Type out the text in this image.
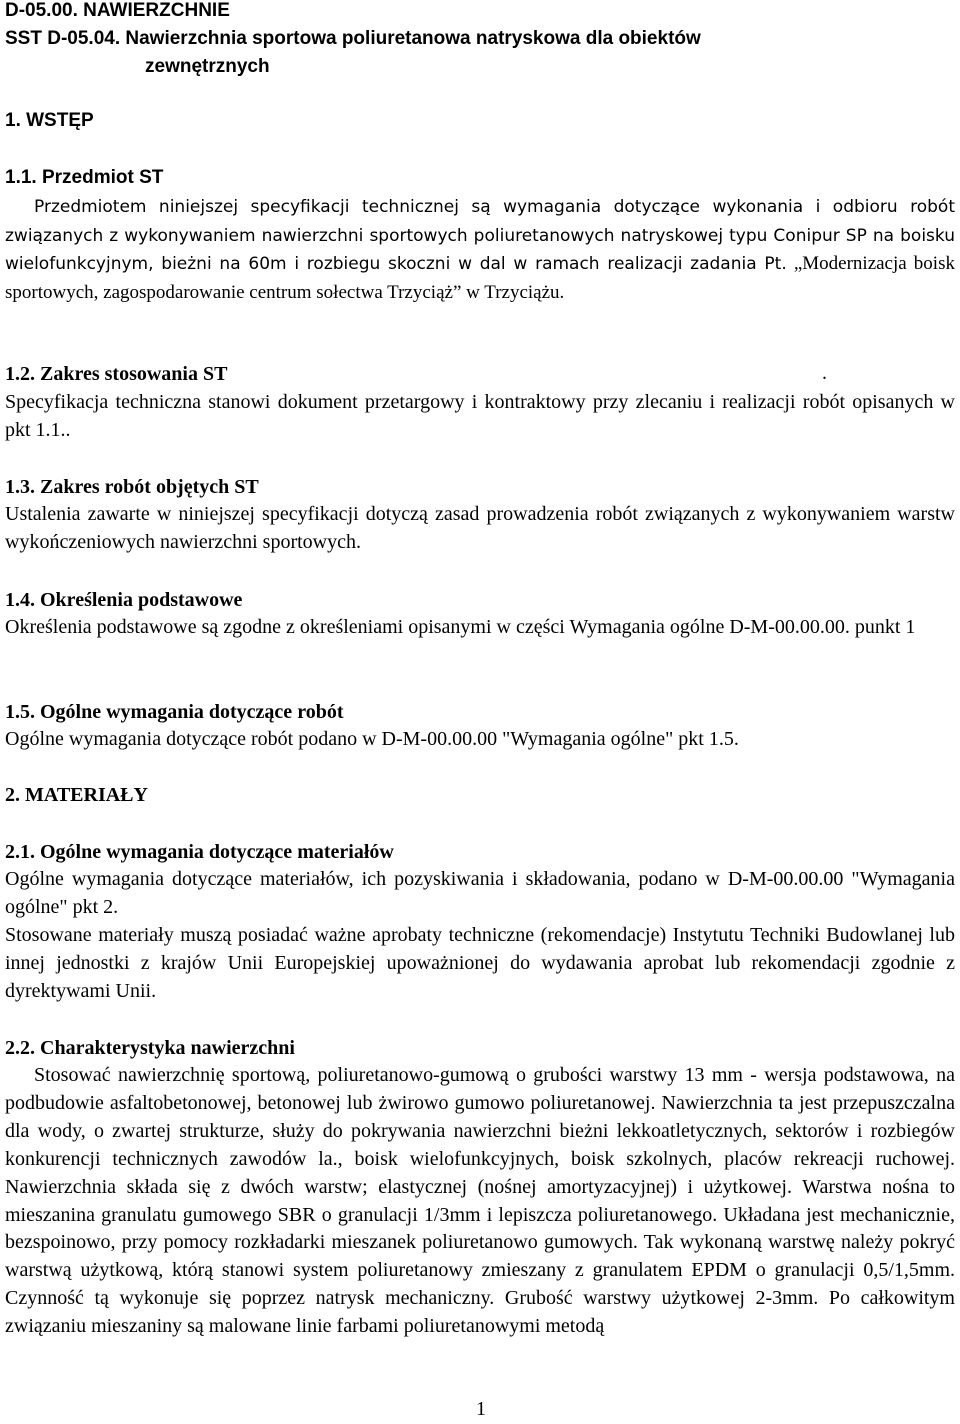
D-05.00. NAWIERZCHNIE
SST D-05.04. Nawierzchnia sportowa poliuretanowa natryskowa dla obiektów
zewnętrznych
1. WSTĘP
1.1. Przedmiot ST
Przedmiotem niniejszej specyfikacji technicznej są wymagania dotyczące wykonania i odbioru robót związanych z wykonywaniem nawierzchni sportowych poliuretanowych natryskowej typu Conipur SP na boisku wielofunkcyjnym, bieżni na 60m i rozbiegu skoczni w dal w ramach realizacji zadania Pt. „Modernizacja boisk sportowych, zagospodarowanie centrum sołectwa Trzyciąż” w Trzyciążu.
1.2. Zakres stosowania ST	.
Specyfikacja techniczna stanowi dokument przetargowy i kontraktowy przy zlecaniu i realizacji robót opisanych w pkt 1.1..
1.3. Zakres robót objętych ST
Ustalenia zawarte w niniejszej specyfikacji dotyczą zasad prowadzenia robót związanych z wykonywaniem warstw wykończeniowych nawierzchni sportowych.
1.4. Określenia podstawowe
Określenia podstawowe są zgodne z określeniami opisanymi w części Wymagania ogólne D-M-00.00.00. punkt 1
1.5. Ogólne wymagania dotyczące robót
Ogólne wymagania dotyczące robót podano w D-M-00.00.00 "Wymagania ogólne" pkt 1.5.
2. MATERIAŁY
2.1. Ogólne wymagania dotyczące materiałów
Ogólne wymagania dotyczące materiałów, ich pozyskiwania i składowania, podano w D-M-00.00.00 "Wymagania ogólne" pkt 2.
Stosowane materiały muszą posiadać ważne aprobaty techniczne (rekomendacje) Instytutu Techniki Budowlanej lub innej jednostki z krajów Unii Europejskiej upoważnionej do wydawania aprobat lub rekomendacji zgodnie z dyrektywami Unii.
2.2. Charakterystyka nawierzchni
Stosować nawierzchnię sportową, poliuretanowo-gumową o grubości warstwy 13 mm - wersja podstawowa, na podbudowie asfaltobetonowej, betonowej lub żwirowo gumowo poliuretanowej. Nawierzchnia ta jest przepuszczalna dla wody, o zwartej strukturze, służy do pokrywania nawierzchni bieżni lekkoatletycznych, sektorów i rozbiegów konkurencji technicznych zawodów la., boisk wielofunkcyjnych, boisk szkolnych, placów rekreacji ruchowej. Nawierzchnia składa się z dwóch warstw; elastycznej (nośnej amortyzacyjnej) i użytkowej. Warstwa nośna to mieszanina granulatu gumowego SBR o granulacji 1/3mm i lepiszcza poliuretanowego. Układana jest mechanicznie, bezspoinowo, przy pomocy rozkładarki mieszanek poliuretanowo gumowych. Tak wykonaną warstwę należy pokryć warstwą użytkową, którą stanowi system poliuretanowy zmieszany z granulatem EPDM o granulacji 0,5/1,5mm. Czynność tą wykonuje się poprzez natrysk mechaniczny. Grubość warstwy użytkowej 2-3mm. Po całkowitym związaniu mieszaniny są malowane linie farbami poliuretanowymi metodą
1
